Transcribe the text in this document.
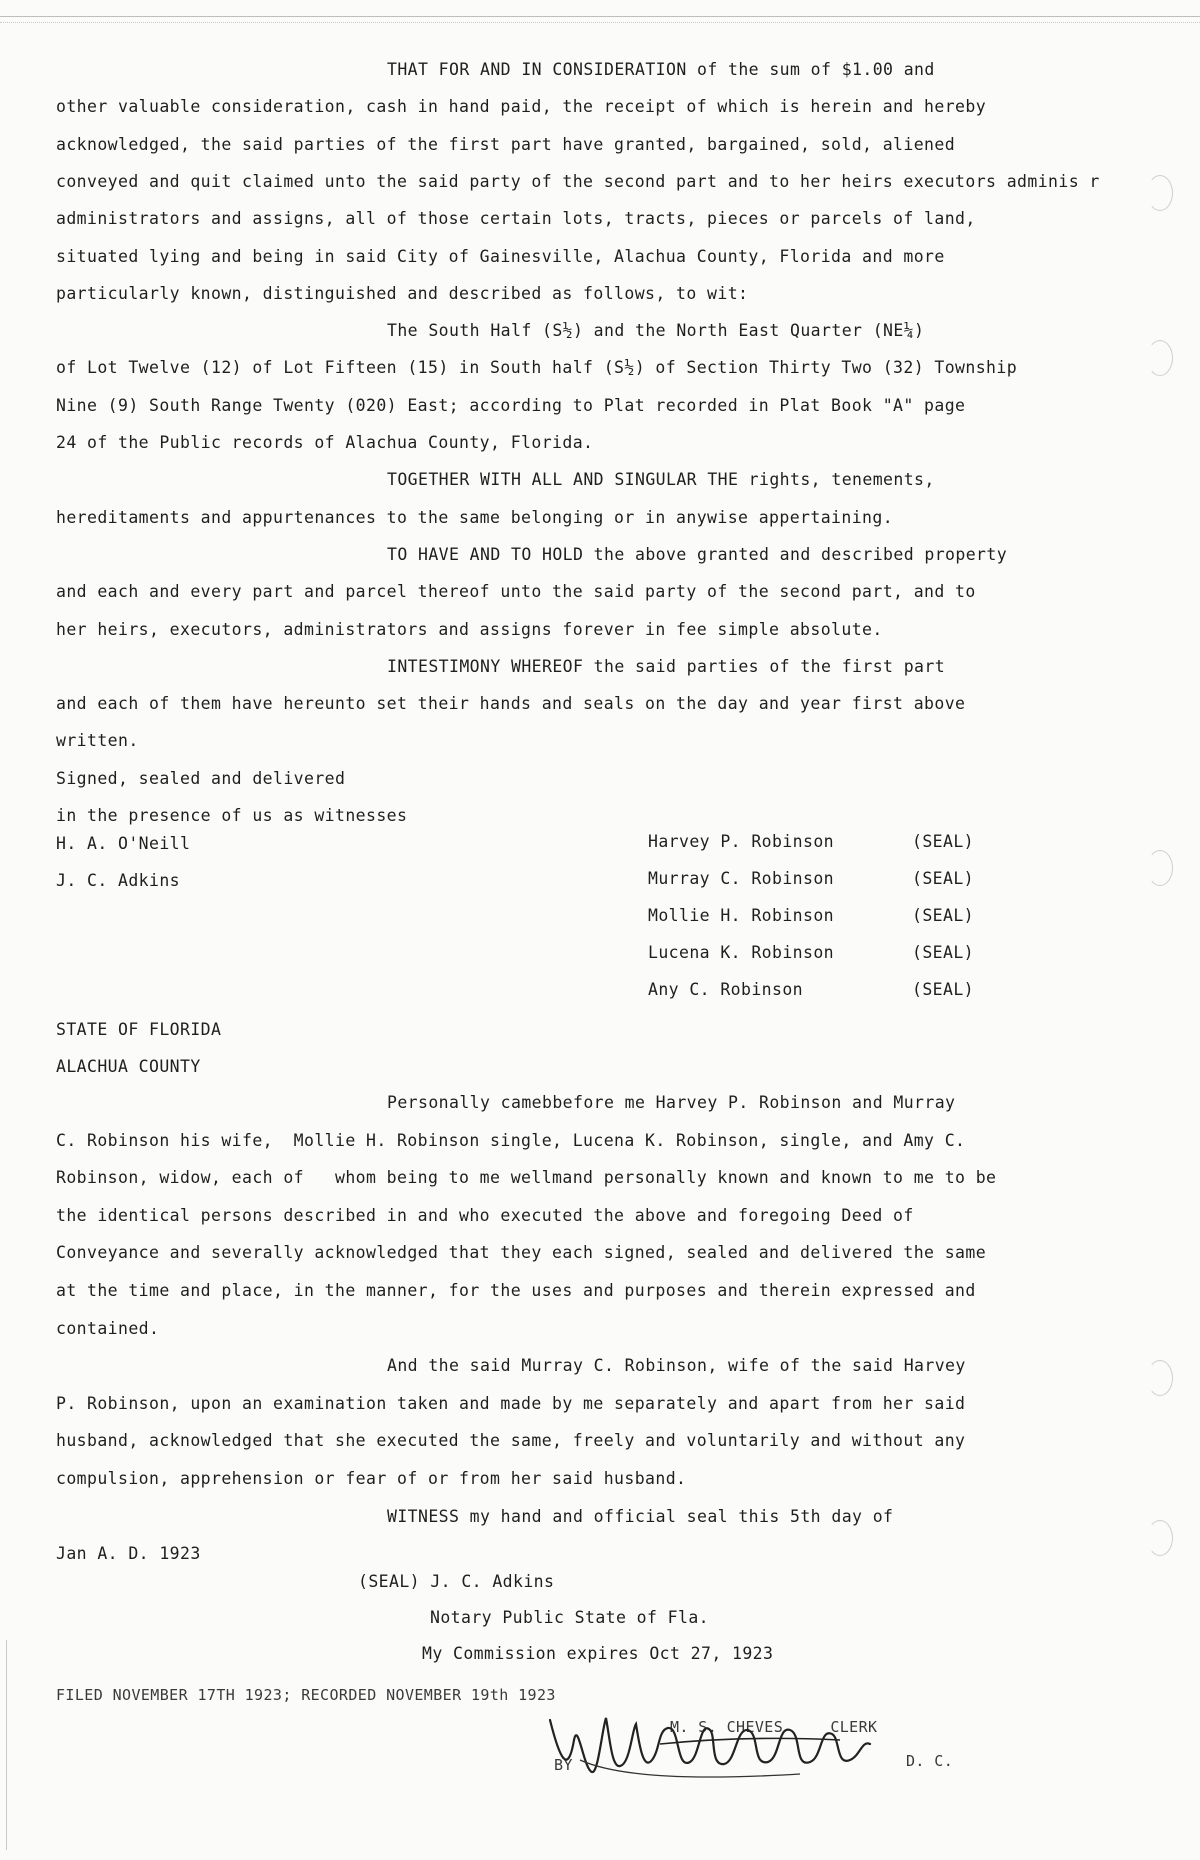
THAT FOR AND IN CONSIDERATION of the sum of $1.00 and
other valuable consideration, cash in hand paid, the receipt of which is herein and hereby
acknowledged, the said parties of the first part have granted, bargained, sold, aliened
conveyed and quit claimed unto the said party of the second part and to her heirs executors adminis r
administrators and assigns, all of those certain lots, tracts, pieces or parcels of land,
situated lying and being in said City of Gainesville, Alachua County, Florida and more
particularly known, distinguished and described as follows, to wit:
The South Half (S½) and the North East Quarter (NE¼)
of Lot Twelve (12) of Lot Fifteen (15) in South half (S½) of Section Thirty Two (32) Township
Nine (9) South Range Twenty (020) East; according to Plat recorded in Plat Book "A" page
24 of the Public records of Alachua County, Florida.
TOGETHER WITH ALL AND SINGULAR THE rights, tenements,
hereditaments and appurtenances to the same belonging or in anywise appertaining.
TO HAVE AND TO HOLD the above granted and described property
and each and every part and parcel thereof unto the said party of the second part, and to
her heirs, executors, administrators and assigns forever in fee simple absolute.
INTESTIMONY WHEREOF the said parties of the first part
and each of them have hereunto set their hands and seals on the day and year first above
written.
Signed, sealed and delivered
in the presence of us as witnesses
H. A. O'Neill
J. C. Adkins
Harvey P. Robinson	(SEAL)
Murray C. Robinson	(SEAL)
Mollie H. Robinson	(SEAL)
Lucena K. Robinson	(SEAL)
Any C. Robinson	(SEAL)
STATE OF FLORIDA
ALACHUA COUNTY
Personally camebbefore me Harvey P. Robinson and Murray
C. Robinson his wife,  Mollie H. Robinson single, Lucena K. Robinson, single, and Amy C.
Robinson, widow, each of   whom being to me wellmand personally known and known to me to be
the identical persons described in and who executed the above and foregoing Deed of
Conveyance and severally acknowledged that they each signed, sealed and delivered the same
at the time and place, in the manner, for the uses and purposes and therein expressed and
contained.
And the said Murray C. Robinson, wife of the said Harvey
P. Robinson, upon an examination taken and made by me separately and apart from her said
husband, acknowledged that she executed the same, freely and voluntarily and without any
compulsion, apprehension or fear of or from her said husband.
WITNESS my hand and official seal this 5th day of
Jan A. D. 1923
(SEAL) J. C. Adkins
Notary Public State of Fla.
My Commission expires Oct 27, 1923
FILED NOVEMBER 17TH 1923; RECORDED NOVEMBER 19th 1923
M. S. CHEVES     CLERK
BY	D. C.
